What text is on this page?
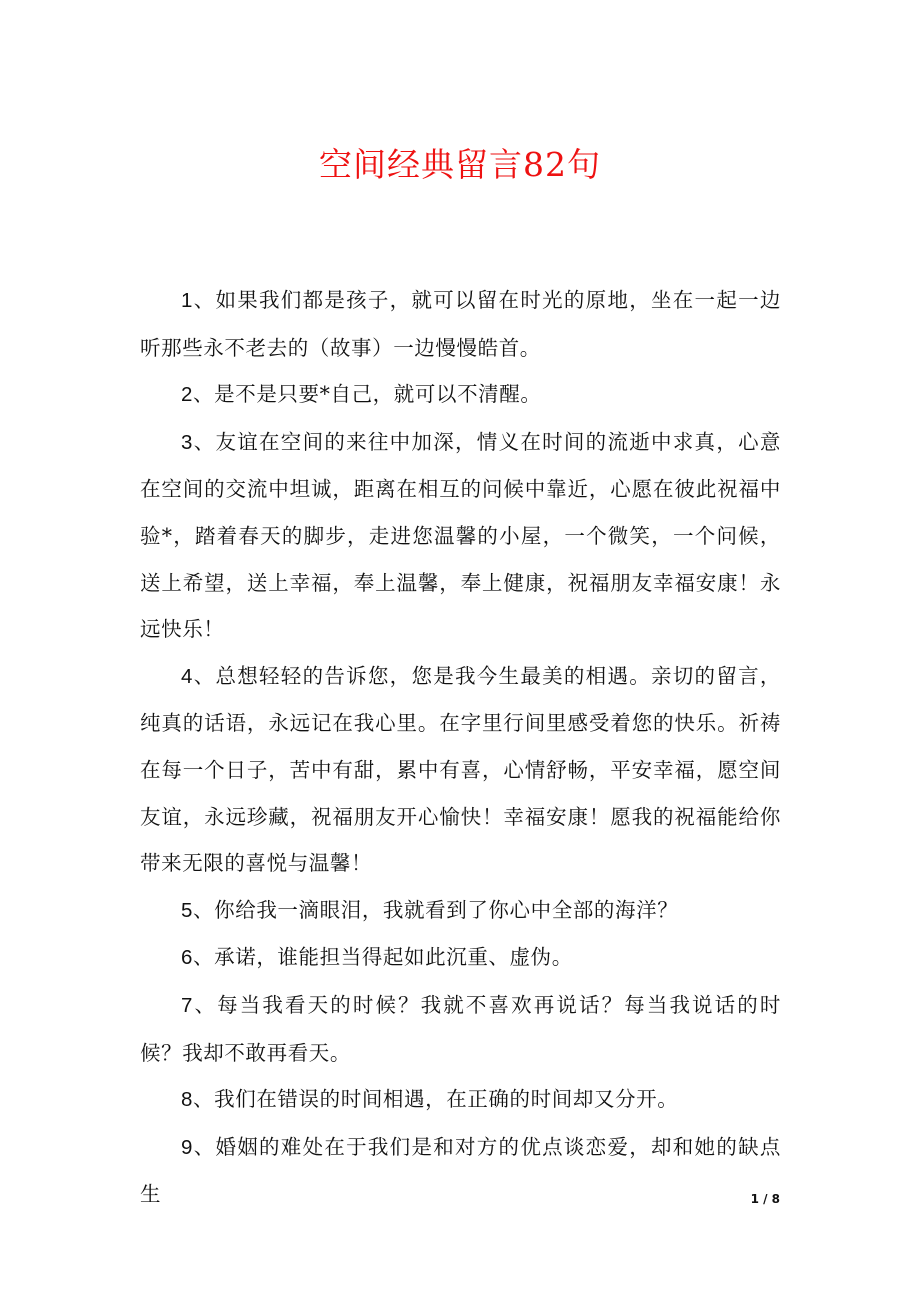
空间经典留言82句

1、如果我们都是孩子，就可以留在时光的原地，坐在一起一边听那些永不老去的（故事）一边慢慢皓首。

2、是不是只要*自己，就可以不清醒。

3、友谊在空间的来往中加深，情义在时间的流逝中求真，心意在空间的交流中坦诚，距离在相互的问候中靠近，心愿在彼此祝福中验*，踏着春天的脚步，走进您温馨的小屋，一个微笑，一个问候，送上希望，送上幸福，奉上温馨，奉上健康，祝福朋友幸福安康！永远快乐！

4、总想轻轻的告诉您，您是我今生最美的相遇。亲切的留言，纯真的话语，永远记在我心里。在字里行间里感受着您的快乐。祈祷在每一个日子，苦中有甜，累中有喜，心情舒畅，平安幸福，愿空间友谊，永远珍藏，祝福朋友开心愉快！幸福安康！愿我的祝福能给你带来无限的喜悦与温馨！

5、你给我一滴眼泪，我就看到了你心中全部的海洋？

6、承诺，谁能担当得起如此沉重、虚伪。

7、每当我看天的时候？我就不喜欢再说话？每当我说话的时候？我却不敢再看天。

8、我们在错误的时间相遇，在正确的时间却又分开。

9、婚姻的难处在于我们是和对方的优点谈恋爱，却和她的缺点生	1 / 8
